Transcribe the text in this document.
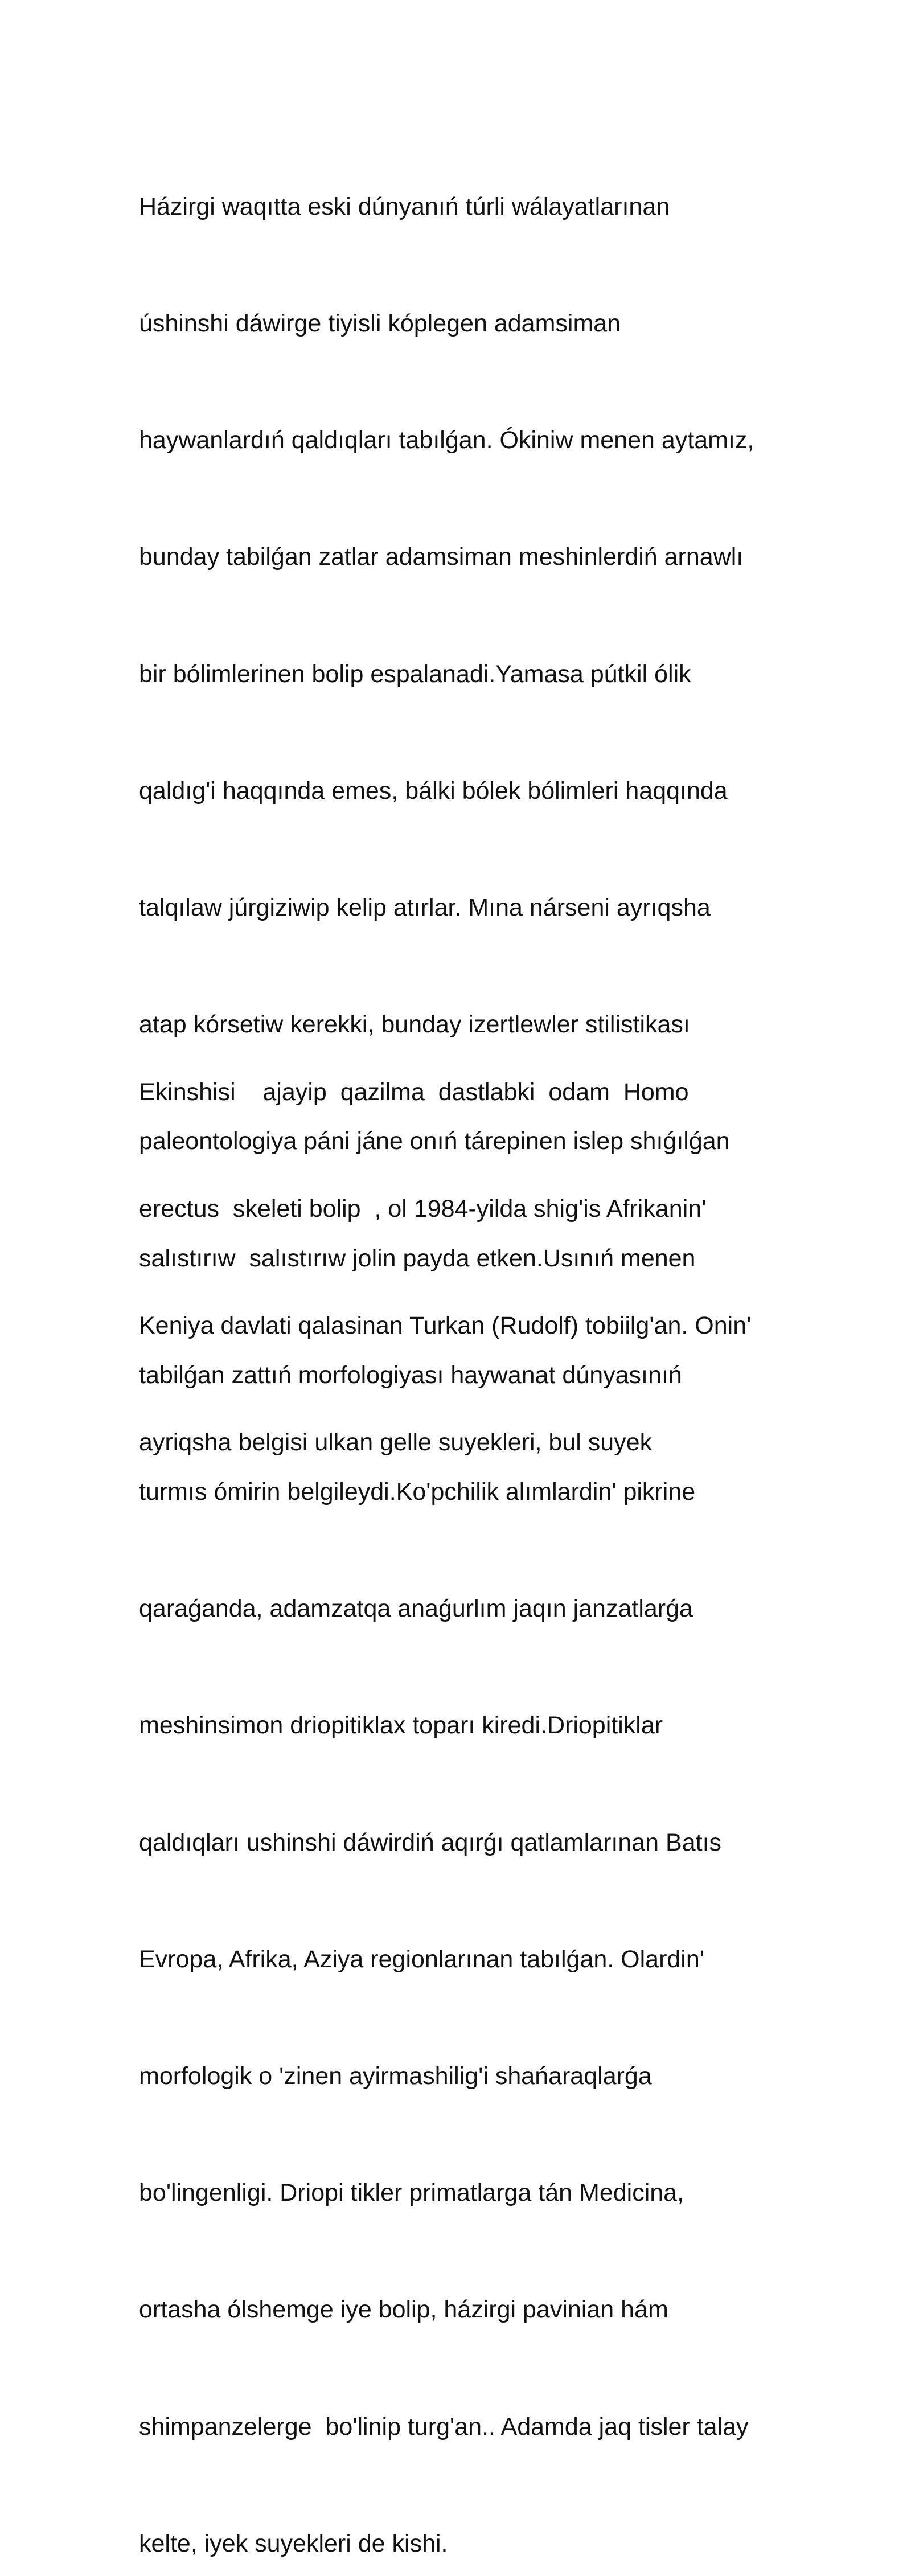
Házirgi waqıtta eski dúnyanıń túrli wálayatlarınan

úshinshi dáwirge tiyisli kóplegen adamsiman

haywanlardıń qaldıqları tabılǵan. Ókiniw menen aytamız,

bunday tabilǵan zatlar adamsiman meshinlerdiń arnawlı

bir bólimlerinen bolip espalanadi.Yamasa pútkil ólik

qaldıg'i haqqında emes, bálki bólek bólimleri haqqında

talqılaw júrgiziwip kelip atırlar. Mına nárseni ayrıqsha

atap kórsetiw kerekki, bunday izertlewler stilistikası

paleontologiya páni jáne onıń tárepinen islep shıǵılǵan

salıstırıw  salıstırıw jolin payda etken.Usınıń menen

tabilǵan zattıń morfologiyası haywanat dúnyasınıń

turmıs ómirin belgileydi.Ko'pchilik alımlardin' pikrine

qaraǵanda, adamzatqa anaǵurlım jaqın janzatlarǵa

meshinsimon driopitiklax toparı kiredi.Driopitiklar

qaldıqları ushinshi dáwirdiń aqırǵı qatlamlarınan Batıs

Evropa, Afrika, Aziya regionlarınan tabılǵan. Olardin'

morfologik o 'zinen ayirmashilig'i shańaraqlarǵa

bo'lingenligi. Driopi tikler primatlarga tán Medicina,

ortasha ólshemge iye bolip, házirgi pavinian hám

shimpanzelerge  bo'linip turg'an.. Adamda jaq tisler talay

kelte, iyek suyekleri de kishi.

Ekinshisi    ajayip  qazilma  dastlabki  odam  Homo

erectus  skeleti bolip  , ol 1984-yilda shig'is Afrikanin'

Keniya davlati qalasinan Turkan (Rudolf) tobiilg'an. Onin'

ayriqsha belgisi ulkan gelle suyekleri, bul suyek
